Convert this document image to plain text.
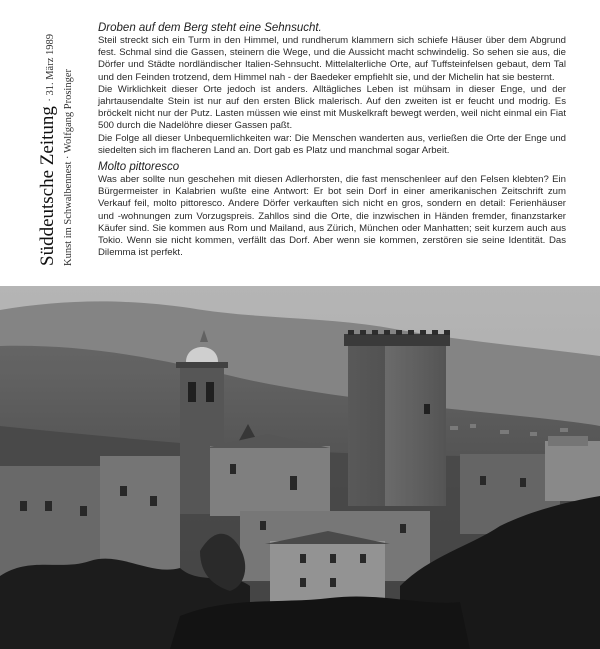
Süddeutsche Zeitung · 31. März 1989
Kunst im Schwalbennest · Wolfgang Prosinger
Droben auf dem Berg steht eine Sehnsucht.

Steil streckt sich ein Turm in den Himmel, und rundherum klammern sich schiefe Häuser über dem Abgrund fest. Schmal sind die Gassen, steinern die Wege, und die Aussicht macht schwindelig. So sehen sie aus, die Dörfer und Städte nordländischer Italien-Sehnsucht. Mittelalterliche Orte, auf Tuffsteinfelsen gebaut, dem Tal und den Feinden trotzend, dem Himmel nah - der Baedeker empfiehlt sie, und der Michelin hat sie besternt.

Die Wirklichkeit dieser Orte jedoch ist anders. Alltägliches Leben ist mühsam in dieser Enge, und der jahrtausendalte Stein ist nur auf den ersten Blick malerisch. Auf den zweiten ist er feucht und modrig. Es bröckelt nicht nur der Putz. Lasten müssen wie einst mit Muskelkraft bewegt werden, weil nicht einmal ein Fiat 500 durch die Nadelöhre dieser Gassen paßt.

Die Folge all dieser Unbequemlichkeiten war: Die Menschen wanderten aus, verließen die Orte der Enge und siedelten sich im flacheren Land an. Dort gab es Platz und manchmal sogar Arbeit.

Molto pittoresco

Was aber sollte nun geschehen mit diesen Adlerhorsten, die fast menschenleer auf den Felsen klebten? Ein Bürgermeister in Kalabrien wußte eine Antwort: Er bot sein Dorf in einer amerikanischen Zeitschrift zum Verkauf feil, molto pittoresco. Andere Dörfer verkauften sich nicht en gros, sondern en detail: Ferienhäuser und -wohnungen zum Vorzugspreis. Zahllos sind die Orte, die inzwischen in Händen fremder, finanzstarker Käufer sind. Sie kommen aus Rom und Mailand, aus Zürich, München oder Manhatten; seit kurzem auch aus Tokio. Wenn sie nicht kommen, verfällt das Dorf. Aber wenn sie kommen, zerstören sie seine Identität. Das Dilemma ist perfekt.
